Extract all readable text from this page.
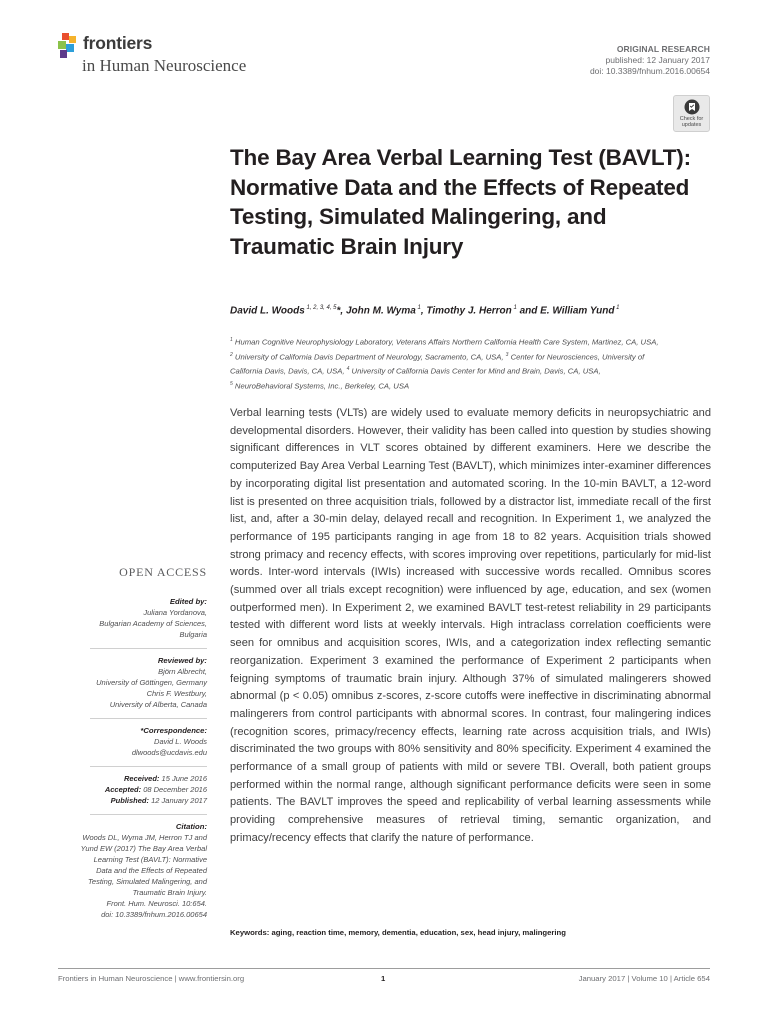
frontiers
in Human Neuroscience
ORIGINAL RESEARCH
published: 12 January 2017
doi: 10.3389/fnhum.2016.00654
Check for
updates
The Bay Area Verbal Learning Test (BAVLT): Normative Data and the Effects of Repeated Testing, Simulated Malingering, and Traumatic Brain Injury
David L. Woods $^{1, 2, 3, 4, 5}$*, John M. Wyma $^1$, Timothy J. Herron $^1$ and E. William Yund $^1$
$^1$ Human Cognitive Neurophysiology Laboratory, Veterans Affairs Northern California Health Care System, Martinez, CA, USA,
$^2$ University of California Davis Department of Neurology, Sacramento, CA, USA, $^3$ Center for Neurosciences, University of
California Davis, Davis, CA, USA, $^4$ University of California Davis Center for Mind and Brain, Davis, CA, USA,
$^5$ NeuroBehavioral Systems, Inc., Berkeley, CA, USA

Verbal learning tests (VLTs) are widely used to evaluate memory deficits in neuropsychiatric and developmental disorders. However, their validity has been called into question by studies showing significant differences in VLT scores obtained by different examiners. Here we describe the computerized Bay Area Verbal Learning Test (BAVLT), which minimizes inter-examiner differences by incorporating digital list presentation and automated scoring. In the 10-min BAVLT, a 12-word list is presented on three acquisition trials, followed by a distractor list, immediate recall of the first list, and, after a 30-min delay, delayed recall and recognition. In Experiment 1, we analyzed the performance of 195 participants ranging in age from 18 to 82 years. Acquisition trials showed strong primacy and recency effects, with scores improving over repetitions, particularly for mid-list words. Inter-word intervals (IWIs) increased with successive words recalled. Omnibus scores (summed over all trials except recognition) were influenced by age, education, and sex (women outperformed men). In Experiment 2, we examined BAVLT test-retest reliability in 29 participants tested with different word lists at weekly intervals. High intraclass correlation coefficients were seen for omnibus and acquisition scores, IWIs, and a categorization index reflecting semantic reorganization. Experiment 3 examined the performance of Experiment 2 participants when feigning symptoms of traumatic brain injury. Although 37% of simulated malingerers showed abnormal (p < 0.05) omnibus z-scores, z-score cutoffs were ineffective in discriminating abnormal malingerers from control participants with abnormal scores. In contrast, four malingering indices (recognition scores, primacy/recency effects, learning rate across acquisition trials, and IWIs) discriminated the two groups with 80% sensitivity and 80% specificity. Experiment 4 examined the performance of a small group of patients with mild or severe TBI. Overall, both patient groups performed within the normal range, although significant performance deficits were seen in some patients. The BAVLT improves the speed and replicability of verbal learning assessments while providing comprehensive measures of retrieval timing, semantic organization, and primacy/recency effects that clarify the nature of performance.

Keywords: aging, reaction time, memory, dementia, education, sex, head injury, malingering
OPEN ACCESS
Edited by:
Juliana Yordanova,
Bulgarian Academy of Sciences,
Bulgaria
Reviewed by:
Björn Albrecht,
University of Göttingen, Germany
Chris F. Westbury,
University of Alberta, Canada
*Correspondence:
David L. Woods
dlwoods@ucdavis.edu
Received: 15 June 2016
Accepted: 08 December 2016
Published: 12 January 2017
Citation:
Woods DL, Wyma JM, Herron TJ and
Yund EW (2017) The Bay Area Verbal
Learning Test (BAVLT): Normative
Data and the Effects of Repeated
Testing, Simulated Malingering, and
Traumatic Brain Injury.
Front. Hum. Neurosci. 10:654.
doi: 10.3389/fnhum.2016.00654
Frontiers in Human Neuroscience | www.frontiersin.org	1	January 2017 | Volume 10 | Article 654
